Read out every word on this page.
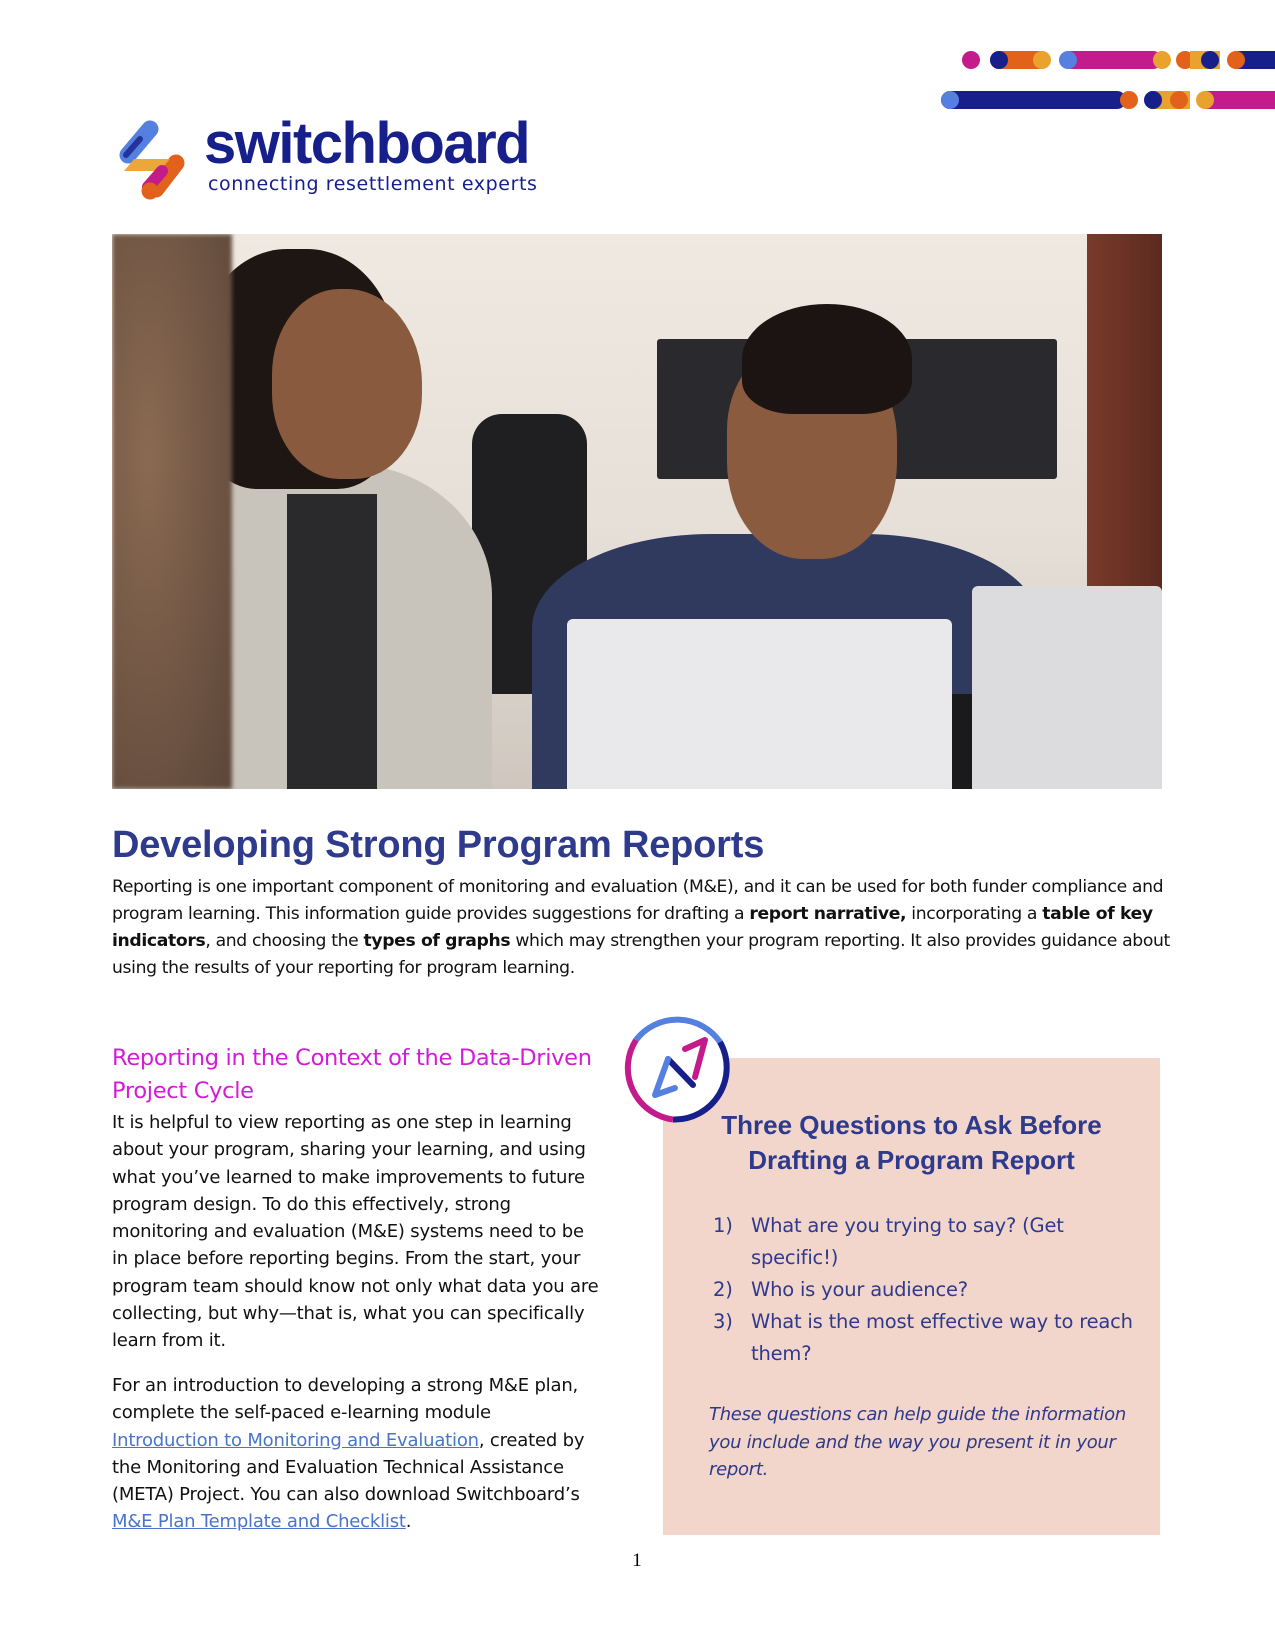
switchboard
connecting resettlement experts
Developing Strong Program Reports

Reporting is one important component of monitoring and evaluation (M&E), and it can be used for both funder compliance and program learning. This information guide provides suggestions for drafting a report narrative, incorporating a table of key indicators, and choosing the types of graphs which may strengthen your program reporting. It also provides guidance about using the results of your reporting for program learning.

Reporting in the Context of the Data-Driven Project Cycle

It is helpful to view reporting as one step in learning about your program, sharing your learning, and using what you’ve learned to make improvements to future program design. To do this effectively, strong monitoring and evaluation (M&E) systems need to be in place before reporting begins. From the start, your program team should know not only what data you are collecting, but why—that is, what you can specifically learn from it.

For an introduction to developing a strong M&E plan, complete the self-paced e-learning module Introduction to Monitoring and Evaluation, created by the Monitoring and Evaluation Technical Assistance (META) Project. You can also download Switchboard’s M&E Plan Template and Checklist.

Three Questions to Ask Before
Drafting a Program Report
1) What are you trying to say? (Get specific!)
2) Who is your audience?
3) What is the most effective way to reach them?
These questions can help guide the information you include and the way you present it in your report.
1
